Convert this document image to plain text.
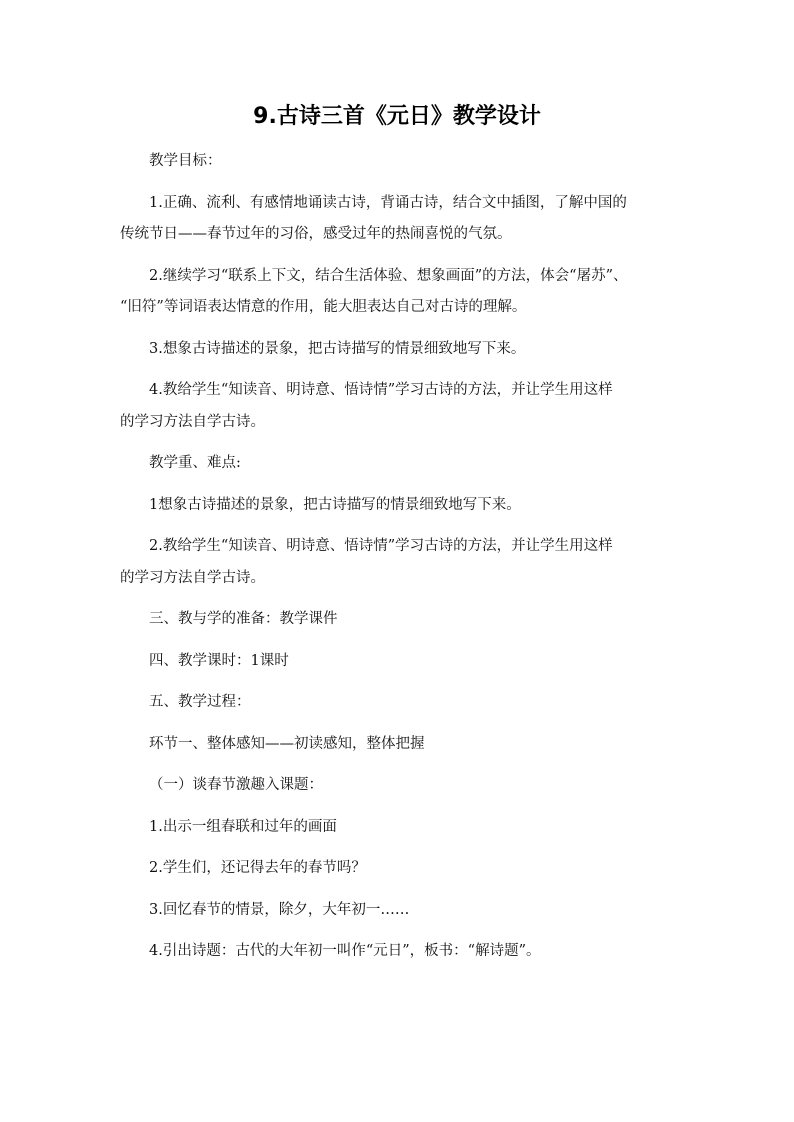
9.古诗三首《元日》教学设计

教学目标：

1.正确、流利、有感情地诵读古诗，背诵古诗，结合文中插图，了解中国的
传统节日——春节过年的习俗，感受过年的热闹喜悦的气氛。

2.继续学习“联系上下文，结合生活体验、想象画面”的方法，体会“屠苏”、
“旧符”等词语表达情意的作用，能大胆表达自己对古诗的理解。

3.想象古诗描述的景象，把古诗描写的情景细致地写下来。

4.教给学生“知读音、明诗意、悟诗情”学习古诗的方法，并让学生用这样
的学习方法自学古诗。

教学重、难点:

1想象古诗描述的景象，把古诗描写的情景细致地写下来。

2.教给学生“知读音、明诗意、悟诗情”学习古诗的方法，并让学生用这样
的学习方法自学古诗。

三、教与学的准备：教学课件

四、教学课时：1课时

五、教学过程：

环节一、整体感知——初读感知，整体把握

（一）谈春节激趣入课题：

1.出示一组春联和过年的画面

2.学生们，还记得去年的春节吗？

3.回忆春节的情景，除夕，大年初一……

4.引出诗题：古代的大年初一叫作“元日”，板书：“解诗题”。
